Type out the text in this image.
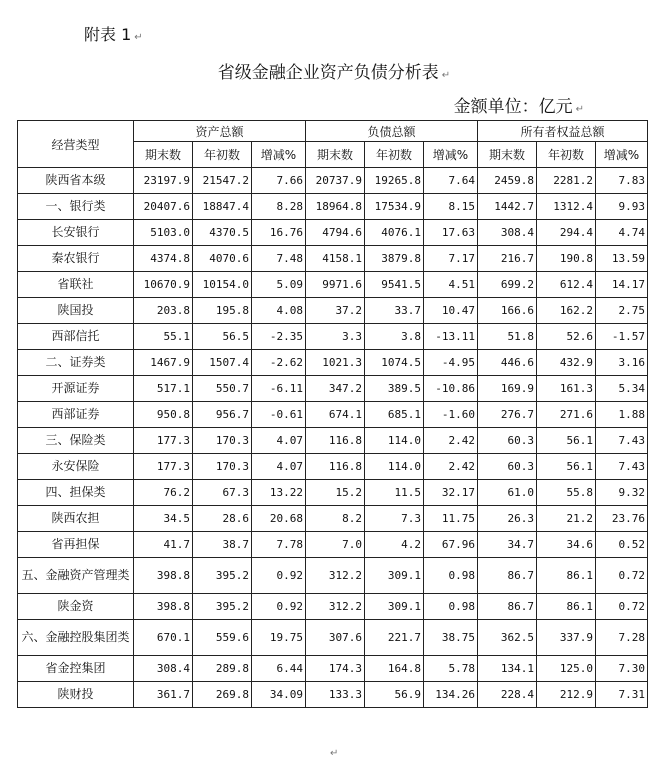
附表 1 ↵
省级金融企业资产负债分析表 ↵
金额单位：亿元 ↵
经营类型	资产总额			负债总额			所有者权益总额		
	期末数	年初数	增减%	期末数	年初数	增减%	期末数	年初数	增减%
陕西省本级	23197.9	21547.2	7.66	20737.9	19265.8	7.64	2459.8	2281.2	7.83
一、银行类	20407.6	18847.4	8.28	18964.8	17534.9	8.15	1442.7	1312.4	9.93
长安银行	5103.0	4370.5	16.76	4794.6	4076.1	17.63	308.4	294.4	4.74
秦农银行	4374.8	4070.6	7.48	4158.1	3879.8	7.17	216.7	190.8	13.59
省联社	10670.9	10154.0	5.09	9971.6	9541.5	4.51	699.2	612.4	14.17
陕国投	203.8	195.8	4.08	37.2	33.7	10.47	166.6	162.2	2.75
西部信托	55.1	56.5	-2.35	3.3	3.8	-13.11	51.8	52.6	-1.57
二、证券类	1467.9	1507.4	-2.62	1021.3	1074.5	-4.95	446.6	432.9	3.16
开源证券	517.1	550.7	-6.11	347.2	389.5	-10.86	169.9	161.3	5.34
西部证券	950.8	956.7	-0.61	674.1	685.1	-1.60	276.7	271.6	1.88
三、保险类	177.3	170.3	4.07	116.8	114.0	2.42	60.3	56.1	7.43
永安保险	177.3	170.3	4.07	116.8	114.0	2.42	60.3	56.1	7.43
四、担保类	76.2	67.3	13.22	15.2	11.5	32.17	61.0	55.8	9.32
陕西农担	34.5	28.6	20.68	8.2	7.3	11.75	26.3	21.2	23.76
省再担保	41.7	38.7	7.78	7.0	4.2	67.96	34.7	34.6	0.52
五、金融资产管理类	398.8	395.2	0.92	312.2	309.1	0.98	86.7	86.1	0.72
陕金资	398.8	395.2	0.92	312.2	309.1	0.98	86.7	86.1	0.72
六、金融控股集团类	670.1	559.6	19.75	307.6	221.7	38.75	362.5	337.9	7.28
省金控集团	308.4	289.8	6.44	174.3	164.8	5.78	134.1	125.0	7.30
陕财投	361.7	269.8	34.09	133.3	56.9	134.26	228.4	212.9	7.31
↵
